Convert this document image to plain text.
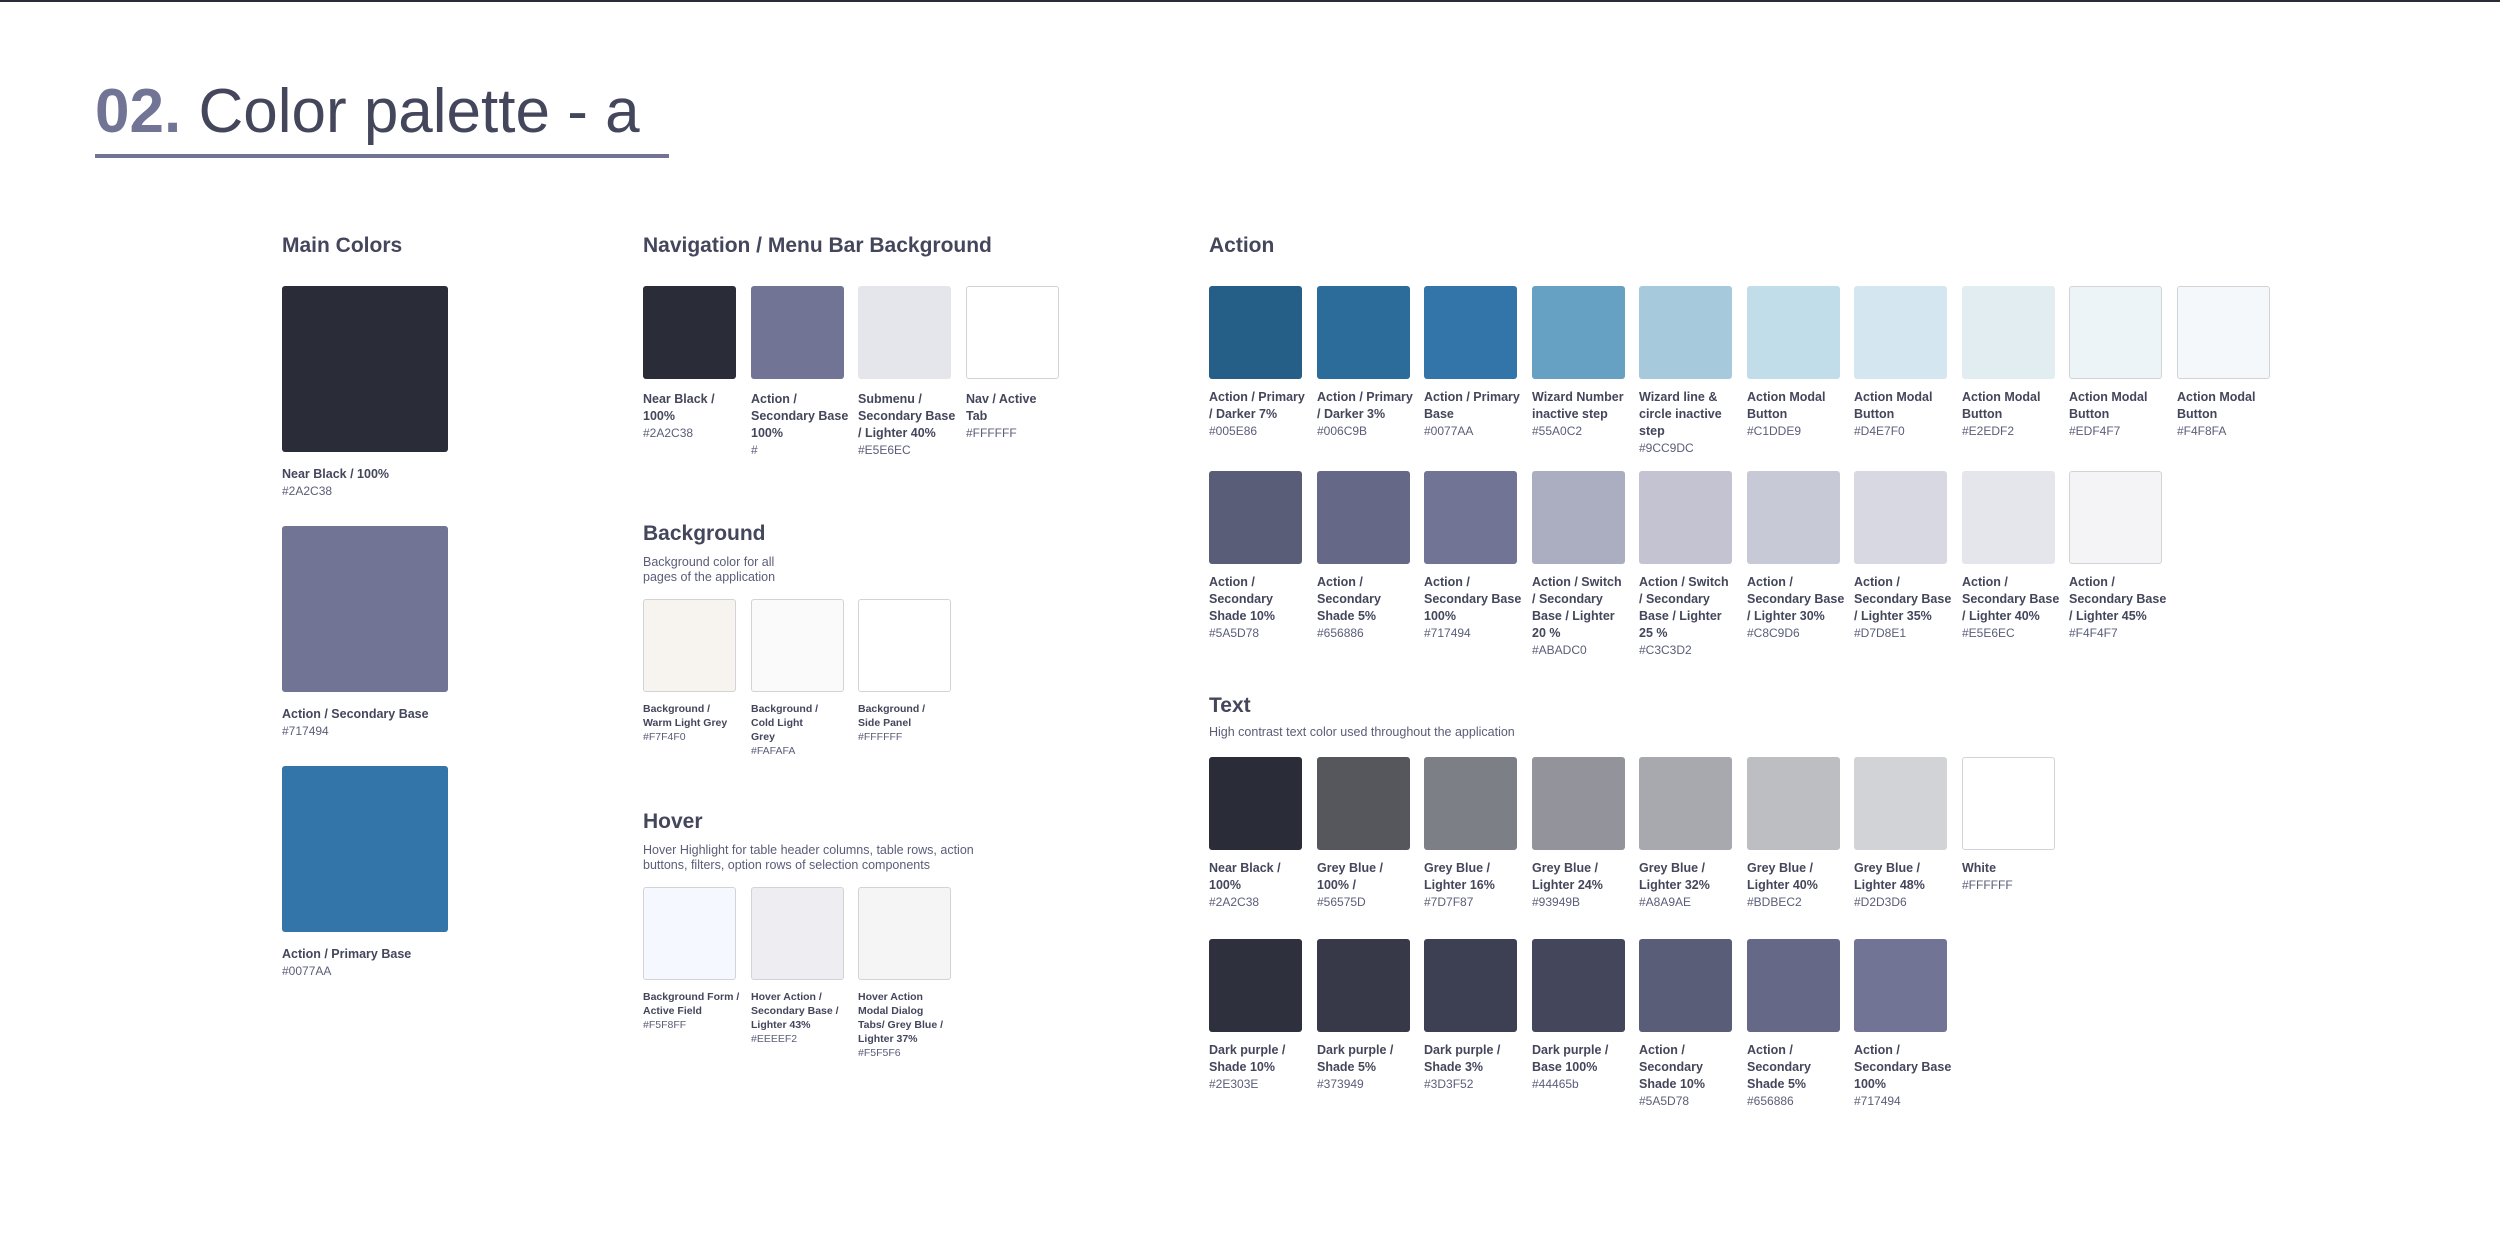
02. Color palette - a
Main Colors	Navigation / Menu Bar Background
Background
Background color for all
pages of the application
Hover
Hover Highlight for table header columns, table rows, action
buttons, filters, option rows of selection components
Action
Text
High contrast text color used throughout the application
Near Black / 100%
#2A2C38
Action / Secondary Base
#717494
Action / Primary Base
#0077AA
Near Black /
100%
#2A2C38
Action /
Secondary Base
100%
#
Submenu /
Secondary Base
/ Lighter 40%
#E5E6EC
Nav / Active
Tab
#FFFFFF
Background /
Warm Light Grey
#F7F4F0
Background /
Cold Light
Grey
#FAFAFA
Background /
Side Panel
#FFFFFF
Background Form /
Active Field
#F5F8FF
Hover Action /
Secondary Base /
Lighter 43%
#EEEEF2
Hover Action
Modal Dialog
Tabs/ Grey Blue /
Lighter 37%
#F5F5F6
Action / Primary
/ Darker 7%
#005E86
Action / Primary
/ Darker 3%
#006C9B
Action / Primary
Base
#0077AA
Wizard Number
inactive step
#55A0C2
Wizard line &
circle inactive
step
#9CC9DC
Action Modal
Button
#C1DDE9
Action Modal
Button
#D4E7F0
Action Modal
Button
#E2EDF2
Action Modal
Button
#EDF4F7
Action Modal
Button
#F4F8FA
Action /
Secondary
Shade 10%
#5A5D78
Action /
Secondary
Shade 5%
#656886
Action /
Secondary Base
100%
#717494
Action / Switch
/ Secondary
Base / Lighter
20 %
#ABADC0
Action / Switch
/ Secondary
Base / Lighter
25 %
#C3C3D2
Action /
Secondary Base
/ Lighter 30%
#C8C9D6
Action /
Secondary Base
/ Lighter 35%
#D7D8E1
Action /
Secondary Base
/ Lighter 40%
#E5E6EC
Action /
Secondary Base
/ Lighter 45%
#F4F4F7
Near Black /
100%
#2A2C38
Grey Blue /
100% /
#56575D
Grey Blue /
Lighter 16%
#7D7F87
Grey Blue /
Lighter 24%
#93949B
Grey Blue /
Lighter 32%
#A8A9AE
Grey Blue /
Lighter 40%
#BDBEC2
Grey Blue /
Lighter 48%
#D2D3D6
White
#FFFFFF
Dark purple /
Shade 10%
#2E303E
Dark purple /
Shade 5%
#373949
Dark purple /
Shade 3%
#3D3F52
Dark purple /
Base 100%
#44465b
Action /
Secondary
Shade 10%
#5A5D78
Action /
Secondary
Shade 5%
#656886
Action /
Secondary Base
100%
#717494
